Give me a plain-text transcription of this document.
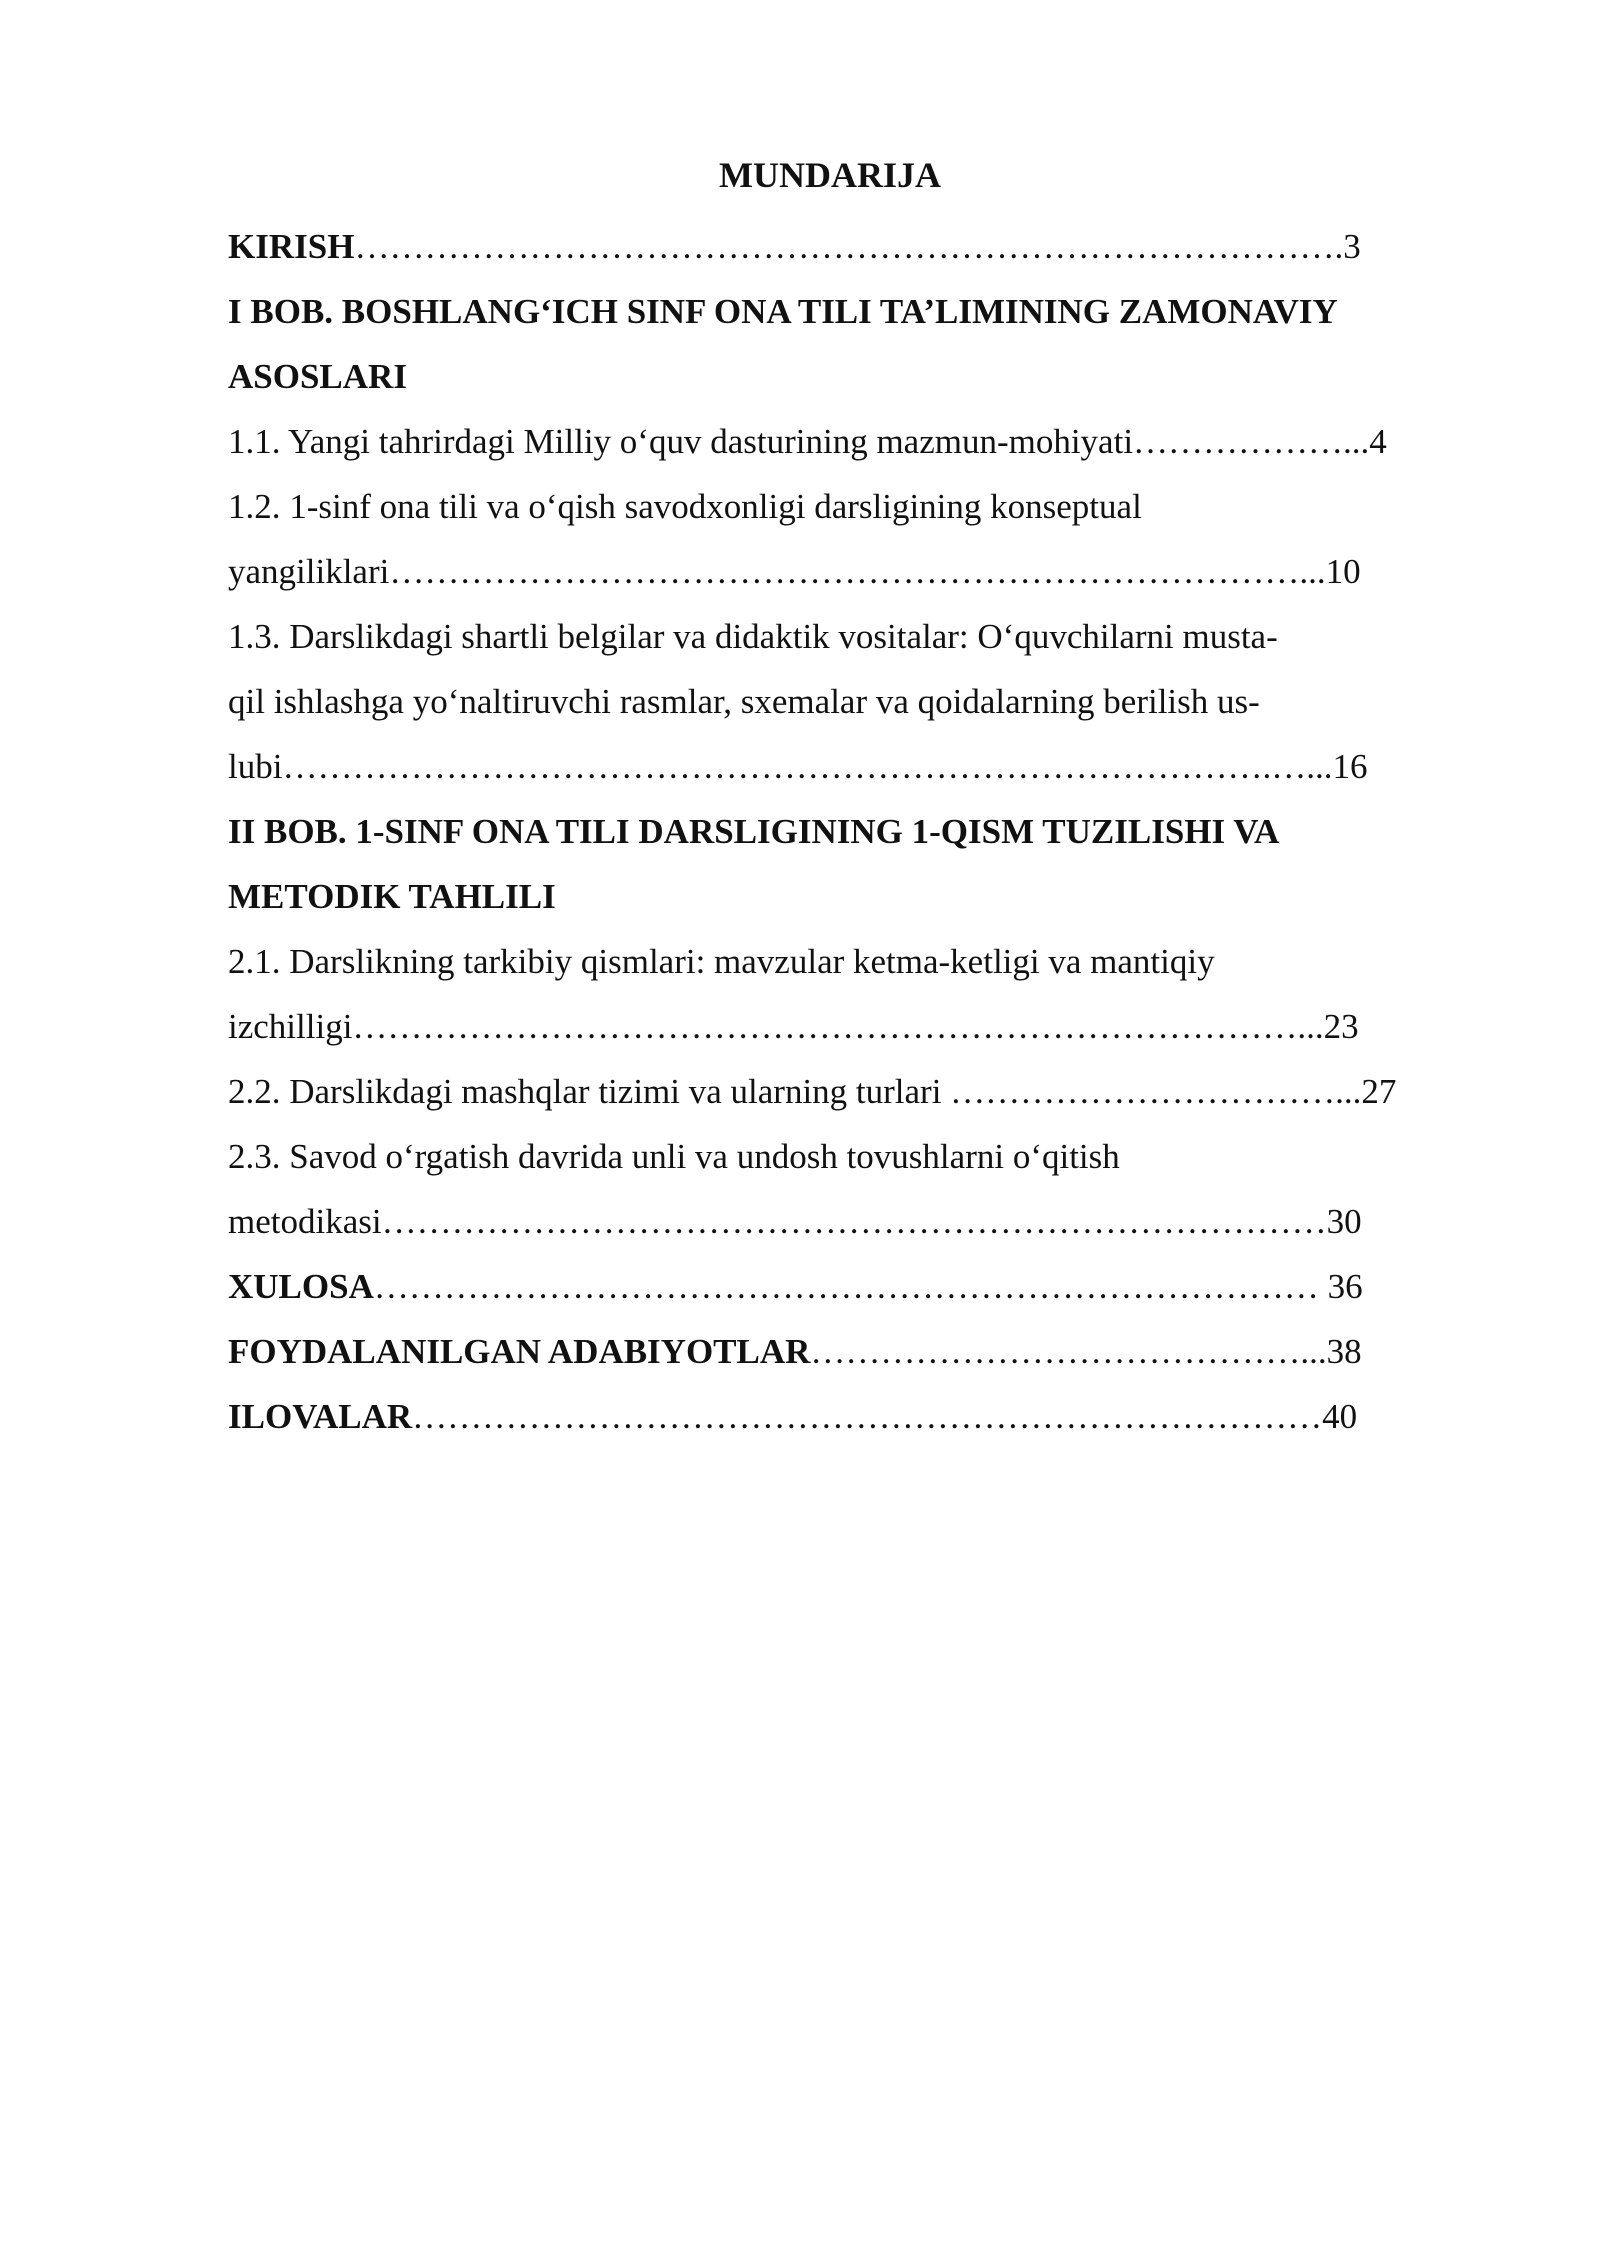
MUNDARIJA
KIRISH………………………………………………………………………….3
I BOB. BOSHLANG‘ICH SINF ONA TILI TA’LIMINING ZAMONAVIY
ASOSLARI
1.1. Yangi tahrirdagi Milliy o‘quv dasturining mazmun-mohiyati………………...4
1.2. 1-sinf ona tili va o‘qish savodxonligi darsligining konseptual
yangiliklari……………………………………………………………………...10
1.3. Darslikdagi shartli belgilar va didaktik vositalar: O‘quvchilarni musta-
qil ishlashga yo‘naltiruvchi rasmlar, sxemalar va qoidalarning berilish us-
lubi………………………………………………………………………….…...16
II BOB. 1-SINF ONA TILI DARSLIGINING 1-QISM TUZILISHI VA
METODIK TAHLILI
2.1. Darslikning tarkibiy qismlari: mavzular ketma-ketligi va mantiqiy
izchilligi………………………………………………………………………...23
2.2. Darslikdagi mashqlar tizimi va ularning turlari ……………………………...27
2.3. Savod o‘rgatish davrida unli va undosh tovushlarni o‘qitish
metodikasi………………………………………………………………………30
XULOSA……………………………………………………………………… 36
FOYDALANILGAN ADABIYOTLAR……………………………………...38
ILOVALAR……………………………………………………………………40
